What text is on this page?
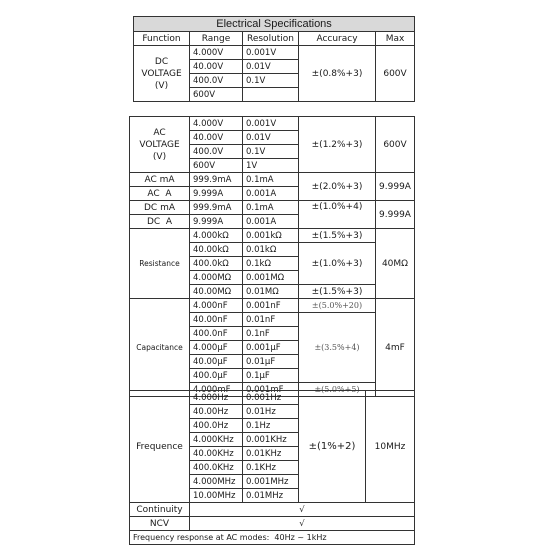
Electrical Specifications				
Function	Range	Resolution	Accuracy	Max

DC
VOLTAGE
(V)	4.000V	0.001V	±(0.8%+3)	600V
	40.00V	0.01V		
	400.0V	0.1V		
	600V			
AC
VOLTAGE
(V)	4.000V	0.001V	±(1.2%+3)	600V
	40.00V	0.01V		
	400.0V	0.1V		
	600V	1V		
AC mA	999.9mA	0.1mA	±(2.0%+3)	9.999A
AC  A	9.999A	0.001A		
DC mA	999.9mA	0.1mA	±(1.0%+4)	9.999A
DC  A	9.999A	0.001A		
Resistance	4.000kΩ	0.001kΩ	±(1.5%+3)	40MΩ
	40.00kΩ	0.01kΩ	±(1.0%+3)	
	400.0kΩ	0.1kΩ		
	4.000MΩ	0.001MΩ		
	40.00MΩ	0.01MΩ	±(1.5%+3)	
Capacitance	4.000nF	0.001nF	±(5.0%+20)	4mF
	40.00nF	0.01nF	±(3.5%+4)	
	400.0nF	0.1nF		
	4.000μF	0.001μF		
	40.00μF	0.01μF		
	400.0μF	0.1μF		
	4.000mF	0.001mF	±(5.0%+5)	
Frequence	4.000Hz	0.001Hz	±(1%+2)	10MHz
	40.00Hz	0.01Hz		
	400.0Hz	0.1Hz		
	4.000KHz	0.001KHz		
	40.00KHz	0.01KHz		
	400.0KHz	0.1KHz		
	4.000MHz	0.001MHz		
	10.00MHz	0.01MHz		
Continuity	√			
NCV	√			
Frequency response at AC modes:  40Hz ~ 1kHz				
